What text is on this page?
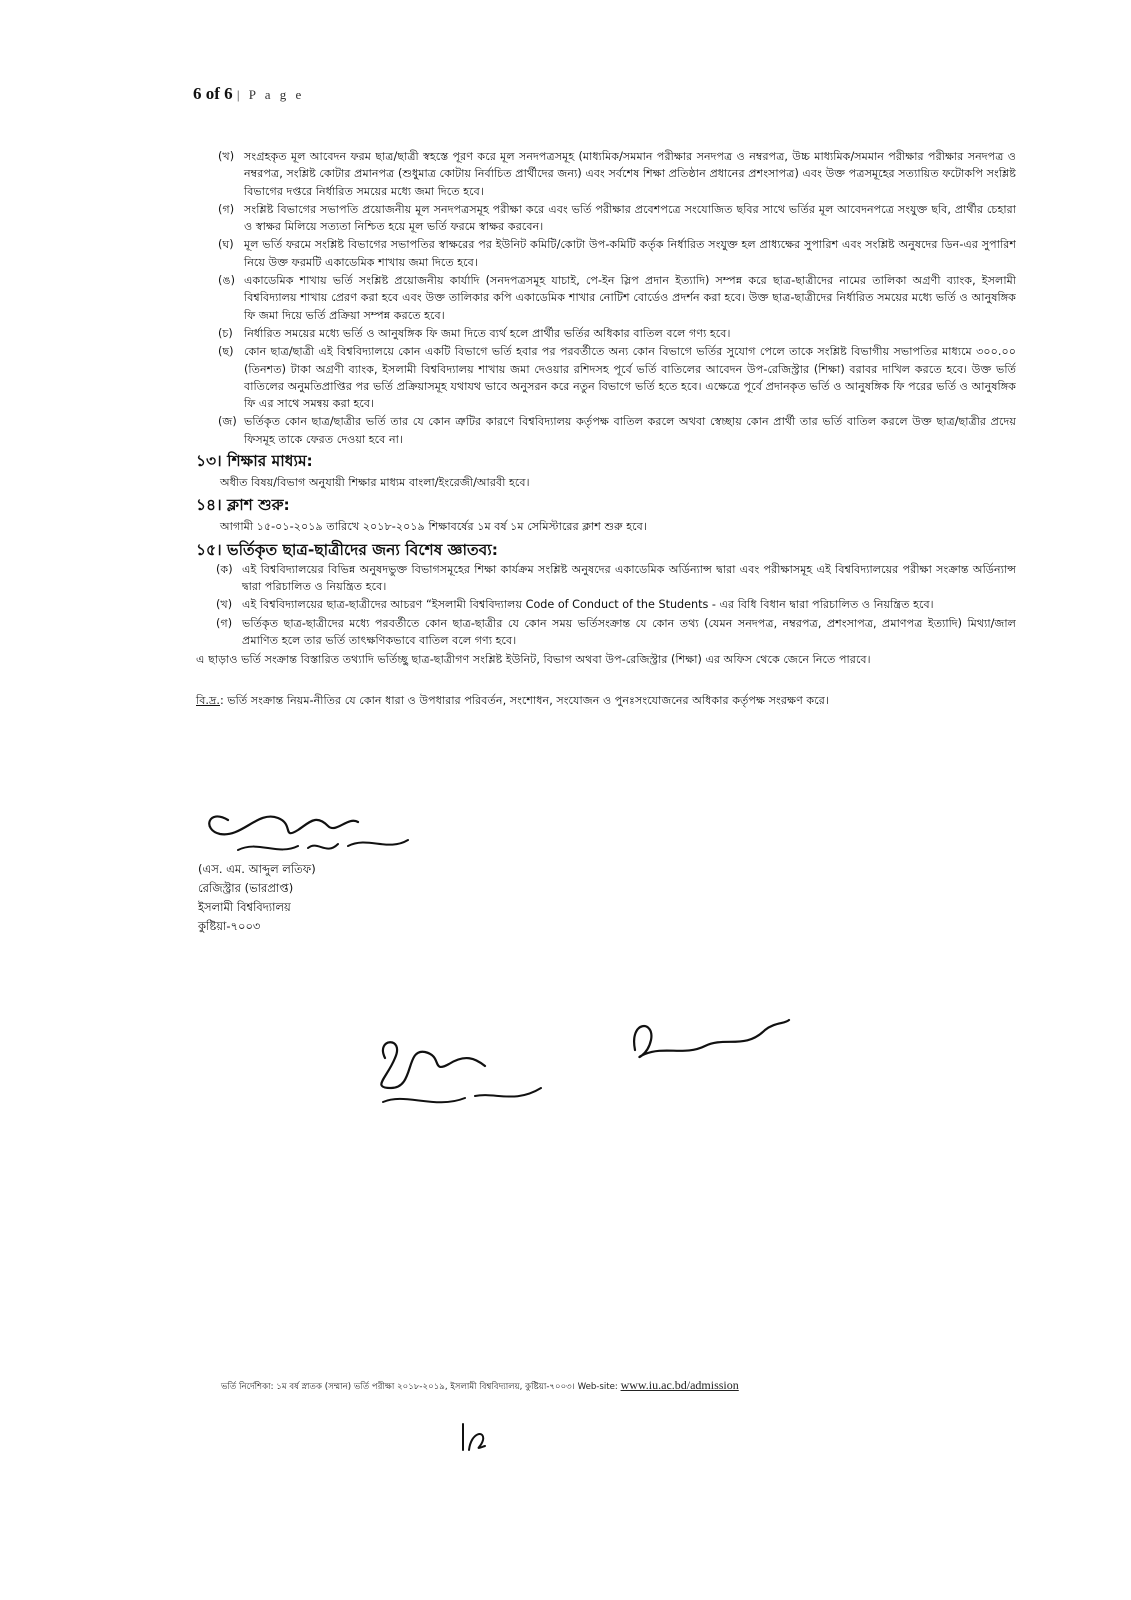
6 of 6 | P a g e
(খ) সংগ্রহকৃত মূল আবেদন ফরম ছাত্র/ছাত্রী স্বহস্তে পূরণ করে মূল সনদপত্রসমূহ (মাধ্যমিক/সমমান পরীক্ষার সনদপত্র ও নম্বরপত্র, উচ্চ মাধ্যমিক/সমমান পরীক্ষার পরীক্ষার সনদপত্র ও নম্বরপত্র, সংশ্লিষ্ট কোটার প্রমানপত্র (শুধুমাত্র কোটায় নির্বাচিত প্রার্থীদের জন্য) এবং সর্বশেষ শিক্ষা প্রতিষ্ঠান প্রধানের প্রশংসাপত্র) এবং উক্ত পত্রসমূহের সত্যায়িত ফটোকপি সংশ্লিষ্ট বিভাগের দপ্তরে নির্ধারিত সময়ের মধ্যে জমা দিতে হবে।
(গ) সংশ্লিষ্ট বিভাগের সভাপতি প্রয়োজনীয় মূল সনদপত্রসমূহ পরীক্ষা করে এবং ভর্তি পরীক্ষার প্রবেশপত্রে সংযোজিত ছবির সাথে ভর্তির মূল আবেদনপত্রে সংযুক্ত ছবি, প্রার্থীর চেহারা ও স্বাক্ষর মিলিয়ে সত্যতা নিশ্চিত হয়ে মূল ভর্তি ফরমে স্বাক্ষর করবেন।
(ঘ) মূল ভর্তি ফরমে সংশ্লিষ্ট বিভাগের সভাপতির স্বাক্ষরের পর ইউনিট কমিটি/কোটা উপ-কমিটি কর্তৃক নির্ধারিত সংযুক্ত হল প্রাধ্যক্ষের সুপারিশ এবং সংশ্লিষ্ট অনুষদের ডিন-এর সুপারিশ নিয়ে উক্ত ফরমটি একাডেমিক শাখায় জমা দিতে হবে।
(ঙ) একাডেমিক শাখায় ভর্তি সংশ্লিষ্ট প্রয়োজনীয় কার্যাদি (সনদপত্রসমূহ যাচাই, পে-ইন স্লিপ প্রদান ইত্যাদি) সম্পন্ন করে ছাত্র-ছাত্রীদের নামের তালিকা অগ্রণী ব্যাংক, ইসলামী বিশ্ববিদ্যালয় শাখায় প্রেরণ করা হবে এবং উক্ত তালিকার কপি একাডেমিক শাখার নোটিশ বোর্ডেও প্রদর্শন করা হবে। উক্ত ছাত্র-ছাত্রীদের নির্ধারিত সময়ের মধ্যে ভর্তি ও আনুষঙ্গিক ফি জমা দিয়ে ভর্তি প্রক্রিয়া সম্পন্ন করতে হবে।
(চ)	নির্ধারিত সময়ের মধ্যে ভর্তি ও আনুষঙ্গিক ফি জমা দিতে ব্যর্থ হলে প্রার্থীর ভর্তির অধিকার বাতিল বলে গণ্য হবে।
(ছ) কোন ছাত্র/ছাত্রী এই বিশ্ববিদ্যালয়ে কোন একটি বিভাগে ভর্তি হবার পর পরবর্তীতে অন্য কোন বিভাগে ভর্তির সুযোগ পেলে তাকে সংশ্লিষ্ট বিভাগীয় সভাপতির মাধ্যমে ৩০০.০০ (তিনশত) টাকা অগ্রণী ব্যাংক, ইসলামী বিশ্ববিদ্যালয় শাখায় জমা দেওয়ার রশিদসহ পূর্বে ভর্তি বাতিলের আবেদন উপ-রেজিস্ট্রার (শিক্ষা) বরাবর দাখিল করতে হবে। উক্ত ভর্তি বাতিলের অনুমতিপ্রাপ্তির পর ভর্তি প্রক্রিয়াসমূহ যথাযথ ভাবে অনুসরন করে নতুন বিভাগে ভর্তি হতে হবে। এক্ষেত্রে পূর্বে প্রদানকৃত ভর্তি ও আনুষঙ্গিক ফি পরের ভর্তি ও আনুষঙ্গিক ফি এর সাথে সমন্বয় করা হবে।
(জ) ভর্তিকৃত কোন ছাত্র/ছাত্রীর ভর্তি তার যে কোন ত্রুটির কারণে বিশ্ববিদ্যালয় কর্তৃপক্ষ বাতিল করলে অথবা স্বেচ্ছায় কোন প্রার্থী তার ভর্তি বাতিল করলে উক্ত ছাত্র/ছাত্রীর প্রদেয় ফিসমূহ তাকে ফেরত দেওয়া হবে না।
১৩। শিক্ষার মাধ্যম:
অধীত বিষয়/বিভাগ অনুযায়ী শিক্ষার মাধ্যম বাংলা/ইংরেজী/আরবী হবে।
১৪। ক্লাশ শুরু:
আগামী ১৫-০১-২০১৯ তারিখে ২০১৮-২০১৯ শিক্ষাবর্ষের ১ম বর্ষ ১ম সেমিস্টারের ক্লাশ শুরু হবে।
১৫। ভর্তিকৃত ছাত্র-ছাত্রীদের জন্য বিশেষ জ্ঞাতব্য:
(ক) এই বিশ্ববিদ্যালয়ের বিভিন্ন অনুষদভুক্ত বিভাগসমূহের শিক্ষা কার্যক্রম সংশ্লিষ্ট অনুষদের একাডেমিক অর্ডিন্যান্স দ্বারা এবং পরীক্ষাসমূহ এই বিশ্ববিদ্যালয়ের পরীক্ষা সংক্রান্ত অর্ডিন্যান্স দ্বারা পরিচালিত ও নিয়ন্ত্রিত হবে।
(খ) এই বিশ্ববিদ্যালয়ের ছাত্র-ছাত্রীদের আচরণ “ইসলামী বিশ্ববিদ্যালয় Code of Conduct of the Students - এর বিধি বিধান দ্বারা পরিচালিত ও নিয়ন্ত্রিত হবে।
(গ) ভর্তিকৃত ছাত্র-ছাত্রীদের মধ্যে পরবর্তীতে কোন ছাত্র-ছাত্রীর যে কোন সময় ভর্তিসংক্রান্ত যে কোন তথ্য (যেমন সনদপত্র, নম্বরপত্র, প্রশংসাপত্র, প্রমাণপত্র ইত্যাদি) মিথ্যা/জাল প্রমাণিত হলে তার ভর্তি তাৎক্ষণিকভাবে বাতিল বলে গণ্য হবে।
এ ছাড়াও ভর্তি সংক্রান্ত বিস্তারিত তথ্যাদি ভর্তিচ্ছু ছাত্র-ছাত্রীগণ সংশ্লিষ্ট ইউনিট, বিভাগ অথবা উপ-রেজিস্ট্রার (শিক্ষা) এর অফিস থেকে জেনে নিতে পারবে।
বি.দ্র.: ভর্তি সংক্রান্ত নিয়ম-নীতির যে কোন ধারা ও উপধারার পরিবর্তন, সংশোধন, সংযোজন ও পুনঃসংযোজনের অধিকার কর্তৃপক্ষ সংরক্ষণ করে।
(এস. এম. আব্দুল লতিফ)
রেজিস্ট্রার (ভারপ্রাপ্ত)
ইসলামী বিশ্ববিদ্যালয়
কুষ্টিয়া-৭০০৩
ভর্তি নির্দেশিকা: ১ম বর্ষ স্নাতক (সম্মান) ভর্তি পরীক্ষা ২০১৮-২০১৯, ইসলামী বিশ্ববিদ্যালয়, কুষ্টিয়া-৭০০৩। Web-site: www.iu.ac.bd/admission
